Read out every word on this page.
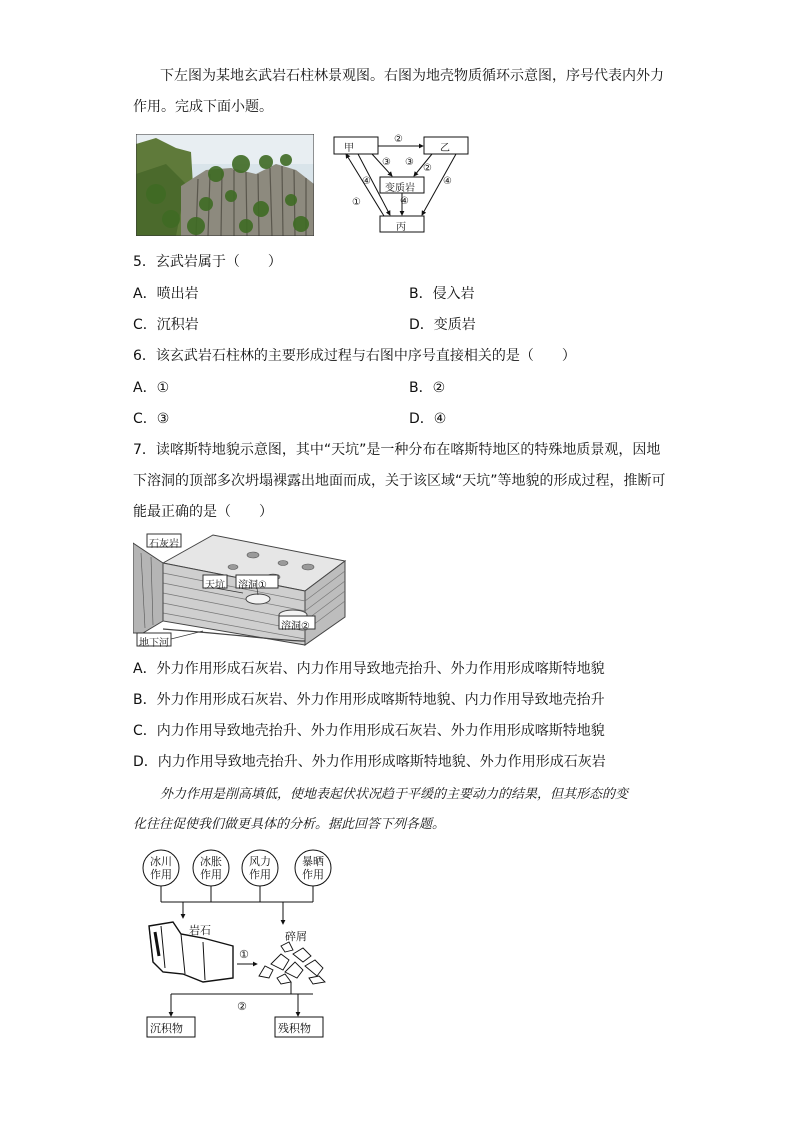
下左图为某地玄武岩石柱林景观图。右图为地壳物质循环示意图，序号代表内外力
作用。完成下面小题。
甲	乙
变质岩
丙
②
③ ③
②
④	④
④
①
5．玄武岩属于（　　）
A．喷出岩	B．侵入岩
C．沉积岩	D．变质岩
6．该玄武岩石柱林的主要形成过程与右图中序号直接相关的是（　　）
A．①	B．②
C．③	D．④
7．读喀斯特地貌示意图，其中“天坑”是一种分布在喀斯特地区的特殊地质景观，因地
下溶洞的顶部多次坍塌裸露出地面而成，关于该区域“天坑”等地貌的形成过程，推断可
能最正确的是（　　）
石灰岩
天坑 溶洞①
溶洞②
地下河
A．外力作用形成石灰岩、内力作用导致地壳抬升、外力作用形成喀斯特地貌
B．外力作用形成石灰岩、外力作用形成喀斯特地貌、内力作用导致地壳抬升
C．内力作用导致地壳抬升、外力作用形成石灰岩、外力作用形成喀斯特地貌
D．内力作用导致地壳抬升、外力作用形成喀斯特地貌、外力作用形成石灰岩
外力作用是削高填低，使地表起伏状况趋于平缓的主要动力的结果，但其形态的变
化往往促使我们做更具体的分析。据此回答下列各题。
冰川
作用
冰胀
作用
风力
作用
暴晒
作用
岩石	碎屑
①
②
沉积物	残积物
